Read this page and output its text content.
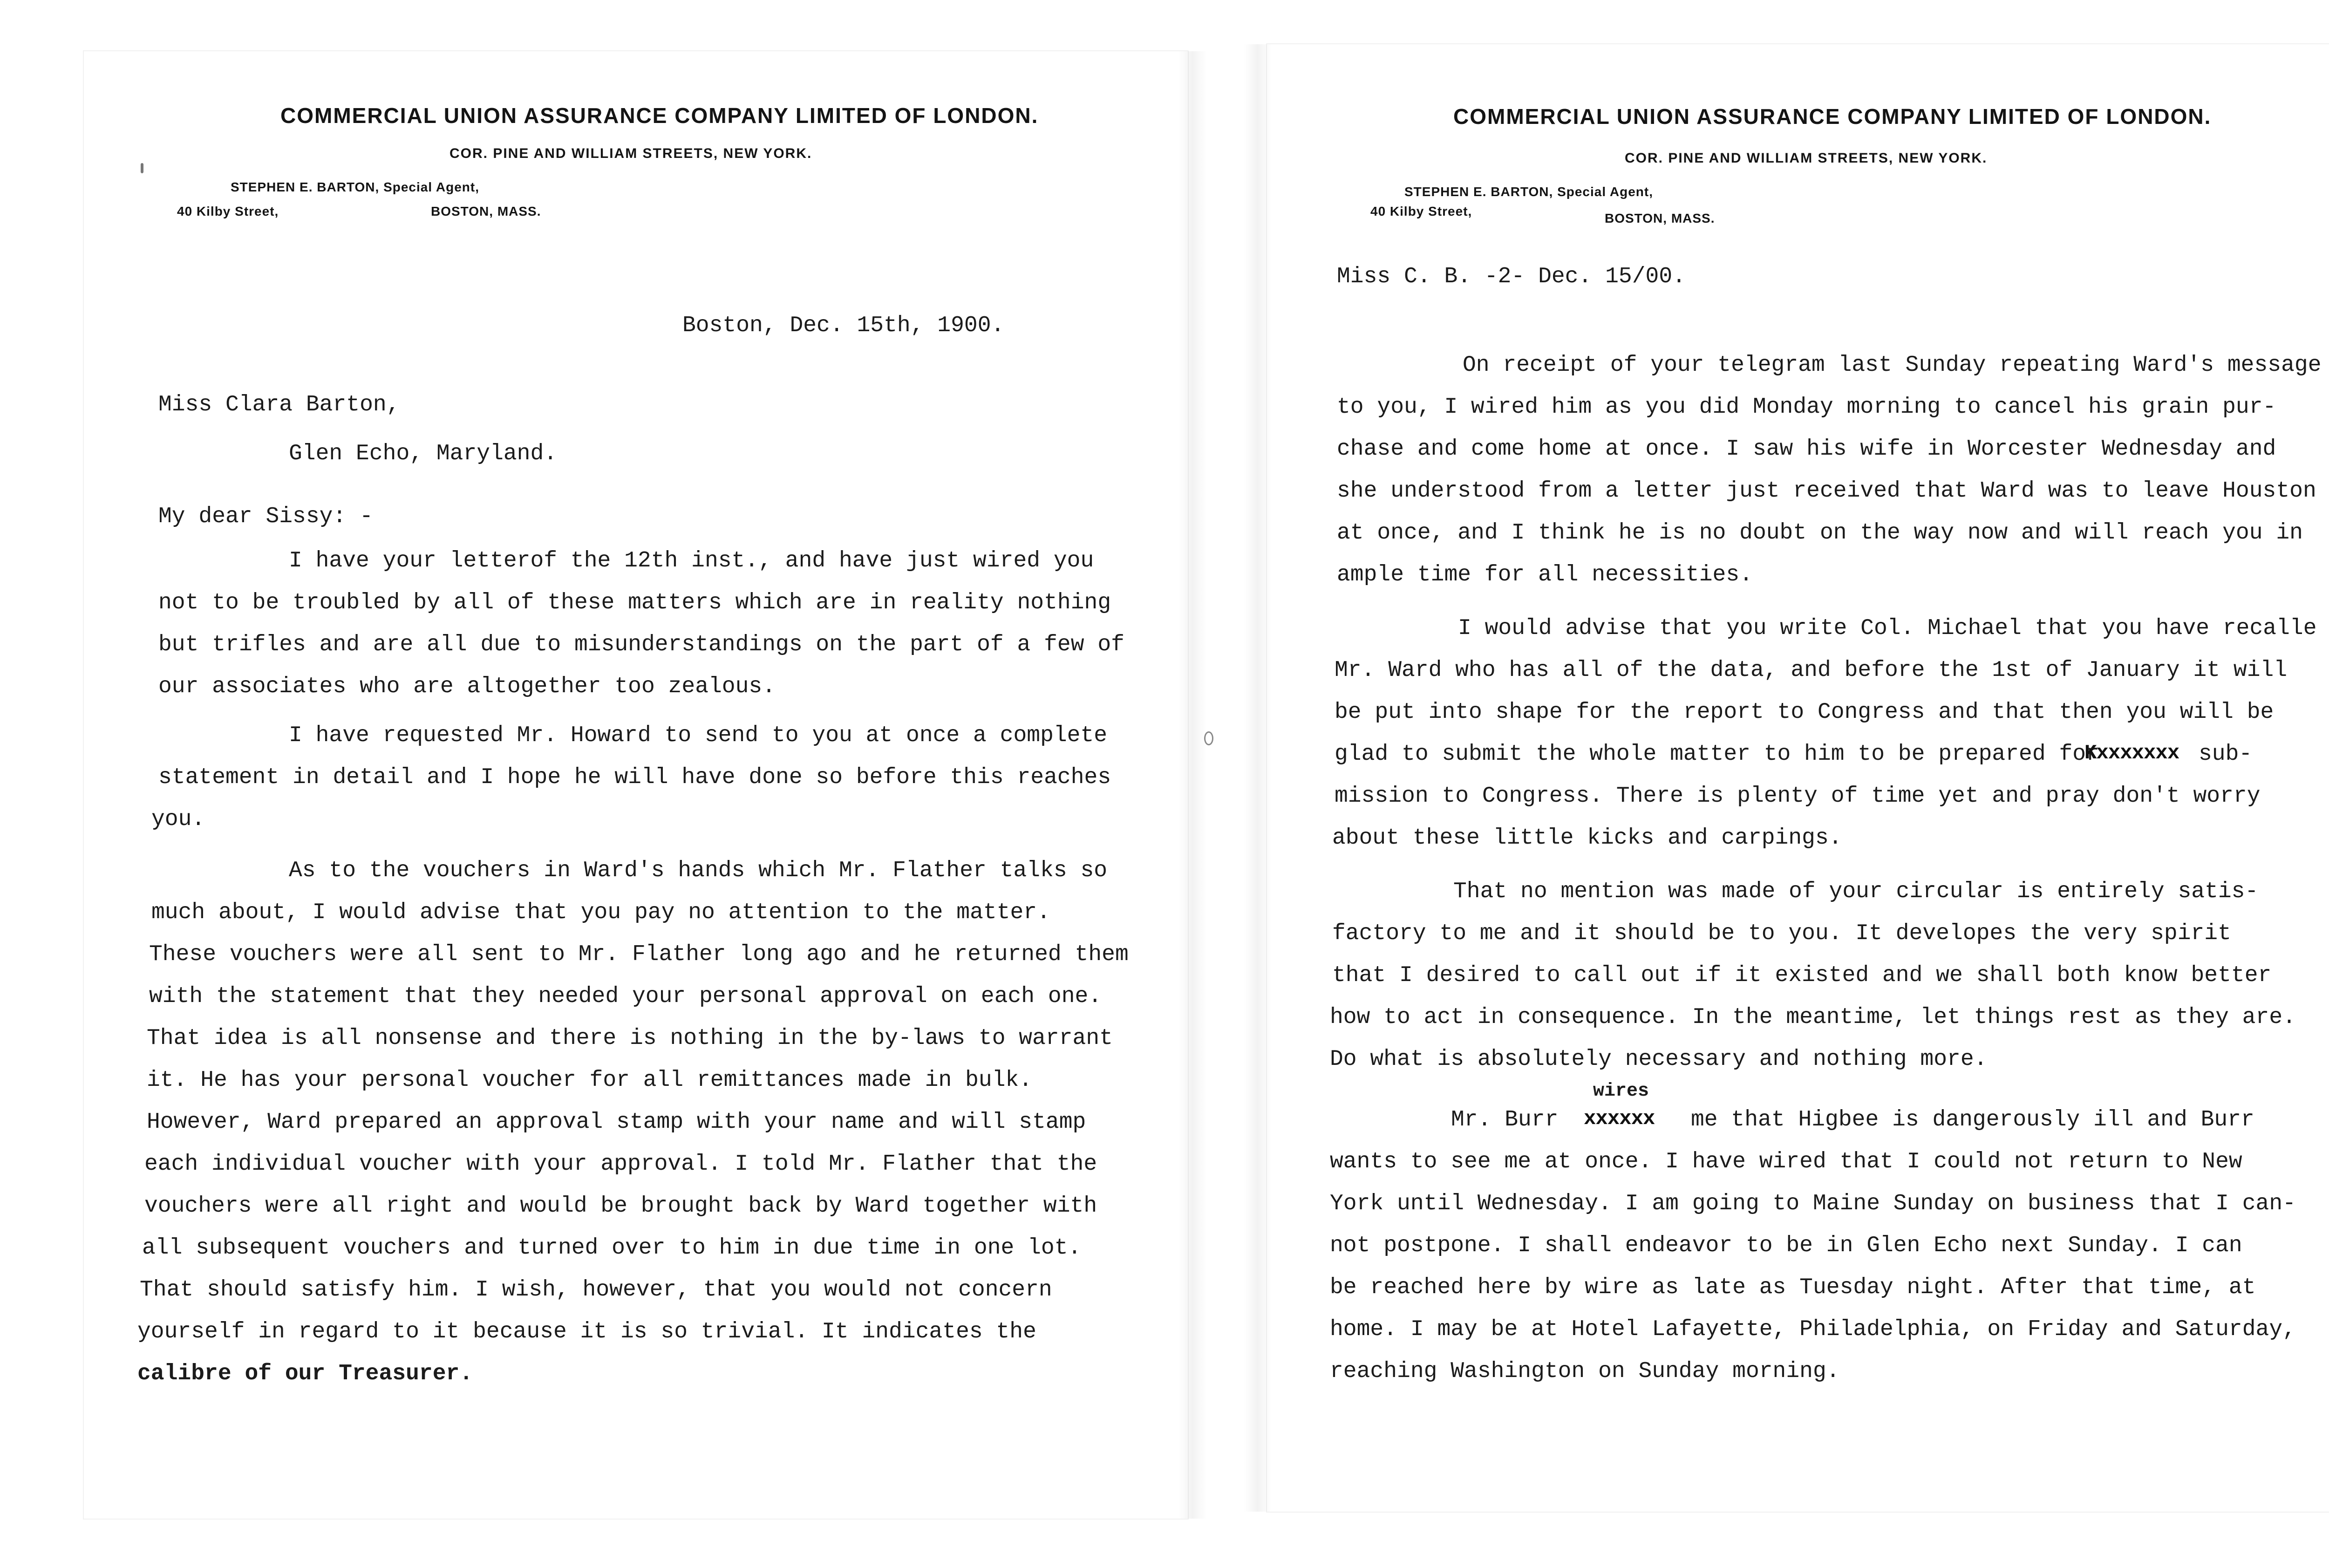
COMMERCIAL UNION ASSURANCE COMPANY LIMITED OF LONDON.

COR. PINE AND WILLIAM STREETS, NEW YORK.

STEPHEN E. BARTON, Special Agent,

40 Kilby Street,	BOSTON, MASS.

Boston, Dec. 15th, 1900.

Miss Clara Barton,

Glen Echo, Maryland.

My dear Sissy: -

I have your letterof the 12th inst., and have just wired you

not to be troubled by all of these matters which are in reality nothing

but trifles and are all due to misunderstandings on the part of a few of

our associates who are altogether too zealous.

I have requested Mr. Howard to send to you at once a complete

statement in detail and I hope he will have done so before this reaches

you.

As to the vouchers in Ward's hands which Mr. Flather talks so

much about, I would advise that you pay no attention to the matter.

These vouchers were all sent to Mr. Flather long ago and he returned them

with the statement that they needed your personal approval on each one.

That idea is all nonsense and there is nothing in the by-laws to warrant

it. He has your personal voucher for all remittances made in bulk.

However, Ward prepared an approval stamp with your name and will stamp

each individual voucher with your approval. I told Mr. Flather that the

vouchers were all right and would be brought back by Ward together with

all subsequent vouchers and turned over to him in due time in one lot.

That should satisfy him. I wish, however, that you would not concern

yourself in regard to it because it is so trivial. It indicates the

calibre of our Treasurer.

COMMERCIAL UNION ASSURANCE COMPANY LIMITED OF LONDON.

COR. PINE AND WILLIAM STREETS, NEW YORK.

STEPHEN E. BARTON, Special Agent,

40 Kilby Street,	BOSTON, MASS.

Miss C. B. -2- Dec. 15/00.

On receipt of your telegram last Sunday repeating Ward's message

to you, I wired him as you did Monday morning to cancel his grain pur-

chase and come home at once. I saw his wife in Worcester Wednesday and

she understood from a letter just received that Ward was to leave Houston

at once, and I think he is no doubt on the way now and will reach you in

ample time for all necessities.

I would advise that you write Col. Michael that you have recalle

Mr. Ward who has all of the data, and before the 1st of January it will

be put into shape for the report to Congress and that then you will be

glad to submit the whole matter to him to be prepared for

Kxxxxxxx sub-

mission to Congress. There is plenty of time yet and pray don't worry

about these little kicks and carpings.

That no mention was made of your circular is entirely satis-

factory to me and it should be to you. It developes the very spirit

that I desired to call out if it existed and we shall both know better

how to act in consequence. In the meantime, let things rest as they are.

Do what is absolutely necessary and nothing more.

wires

Mr. Burr xxxxxx me that Higbee is dangerously ill and Burr

wants to see me at once. I have wired that I could not return to New

York until Wednesday. I am going to Maine Sunday on business that I can-

not postpone. I shall endeavor to be in Glen Echo next Sunday. I can

be reached here by wire as late as Tuesday night. After that time, at

home. I may be at Hotel Lafayette, Philadelphia, on Friday and Saturday,

reaching Washington on Sunday morning.
